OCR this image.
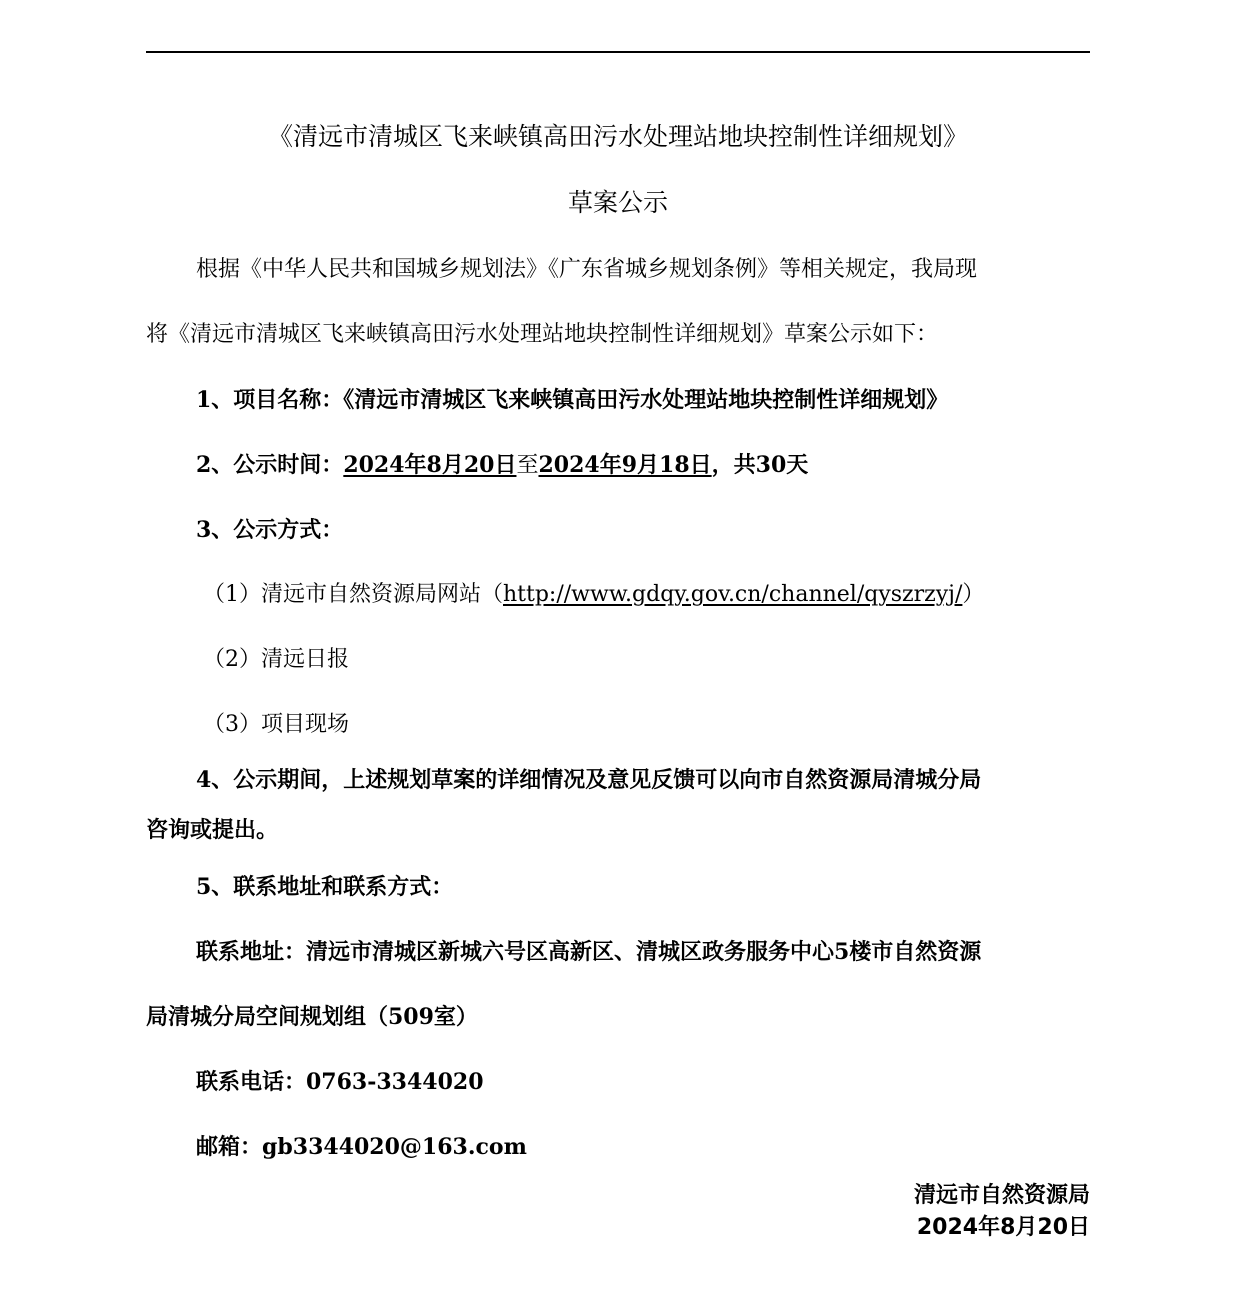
《清远市清城区飞来峡镇高田污水处理站地块控制性详细规划》
草案公示
根据《中华人民共和国城乡规划法》《广东省城乡规划条例》等相关规定，我局现
将《清远市清城区飞来峡镇高田污水处理站地块控制性详细规划》草案公示如下：
1、项目名称：《清远市清城区飞来峡镇高田污水处理站地块控制性详细规划》
2、公示时间：2024年8月20日至2024年9月18日，共30天
3、公示方式：
（1）清远市自然资源局网站（http://www.gdqy.gov.cn/channel/qyszrzyj/）
（2）清远日报
（3）项目现场
4、公示期间，上述规划草案的详细情况及意见反馈可以向市自然资源局清城分局
咨询或提出。
5、联系地址和联系方式：
联系地址：清远市清城区新城六号区高新区、清城区政务服务中心5楼市自然资源
局清城分局空间规划组（509室）
联系电话：0763-3344020
邮箱：gb3344020@163.com
清远市自然资源局
2024年8月20日
